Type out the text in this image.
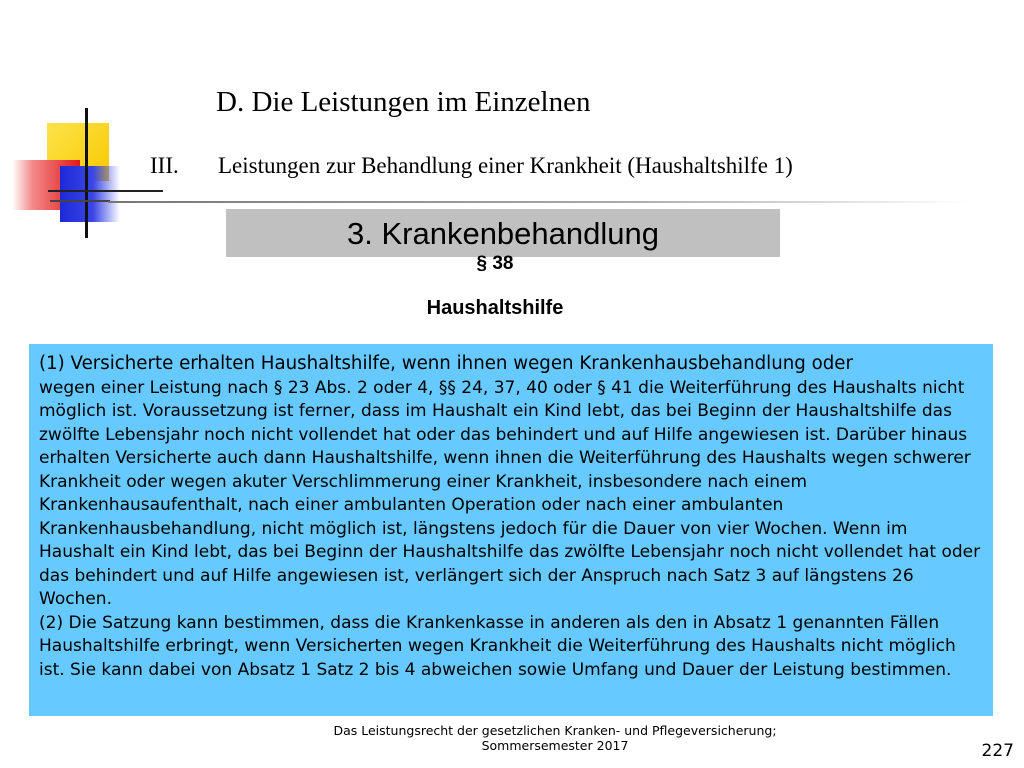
D. Die Leistungen im Einzelnen
III. Leistungen zur Behandlung einer Krankheit (Haushaltshilfe 1)
3. Krankenbehandlung
§ 38
Haushaltshilfe

(1) Versicherte erhalten Haushaltshilfe, wenn ihnen wegen Krankenhausbehandlung oder
wegen einer Leistung nach § 23 Abs. 2 oder 4, §§ 24, 37, 40 oder § 41 die Weiterführung des Haushalts nicht möglich ist. Voraussetzung ist ferner, dass im Haushalt ein Kind lebt, das bei Beginn der Haushaltshilfe das zwölfte Lebensjahr noch nicht vollendet hat oder das behindert und auf Hilfe angewiesen ist. Darüber hinaus erhalten Versicherte auch dann Haushaltshilfe, wenn ihnen die Weiterführung des Haushalts wegen schwerer Krankheit oder wegen akuter Verschlimmerung einer Krankheit, insbesondere nach einem Krankenhausaufenthalt, nach einer ambulanten Operation oder nach einer ambulanten Krankenhausbehandlung, nicht möglich ist, längstens jedoch für die Dauer von vier Wochen. Wenn im Haushalt ein Kind lebt, das bei Beginn der Haushaltshilfe das zwölfte Lebensjahr noch nicht vollendet hat oder das behindert und auf Hilfe angewiesen ist, verlängert sich der Anspruch nach Satz 3 auf längstens 26 Wochen.

(2) Die Satzung kann bestimmen, dass die Krankenkasse in anderen als den in Absatz 1 genannten Fällen Haushaltshilfe erbringt, wenn Versicherten wegen Krankheit die Weiterführung des Haushalts nicht möglich ist. Sie kann dabei von Absatz 1 Satz 2 bis 4 abweichen sowie Umfang und Dauer der Leistung bestimmen.

Das Leistungsrecht der gesetzlichen Kranken- und Pflegeversicherung;
Sommersemester 2017	227
